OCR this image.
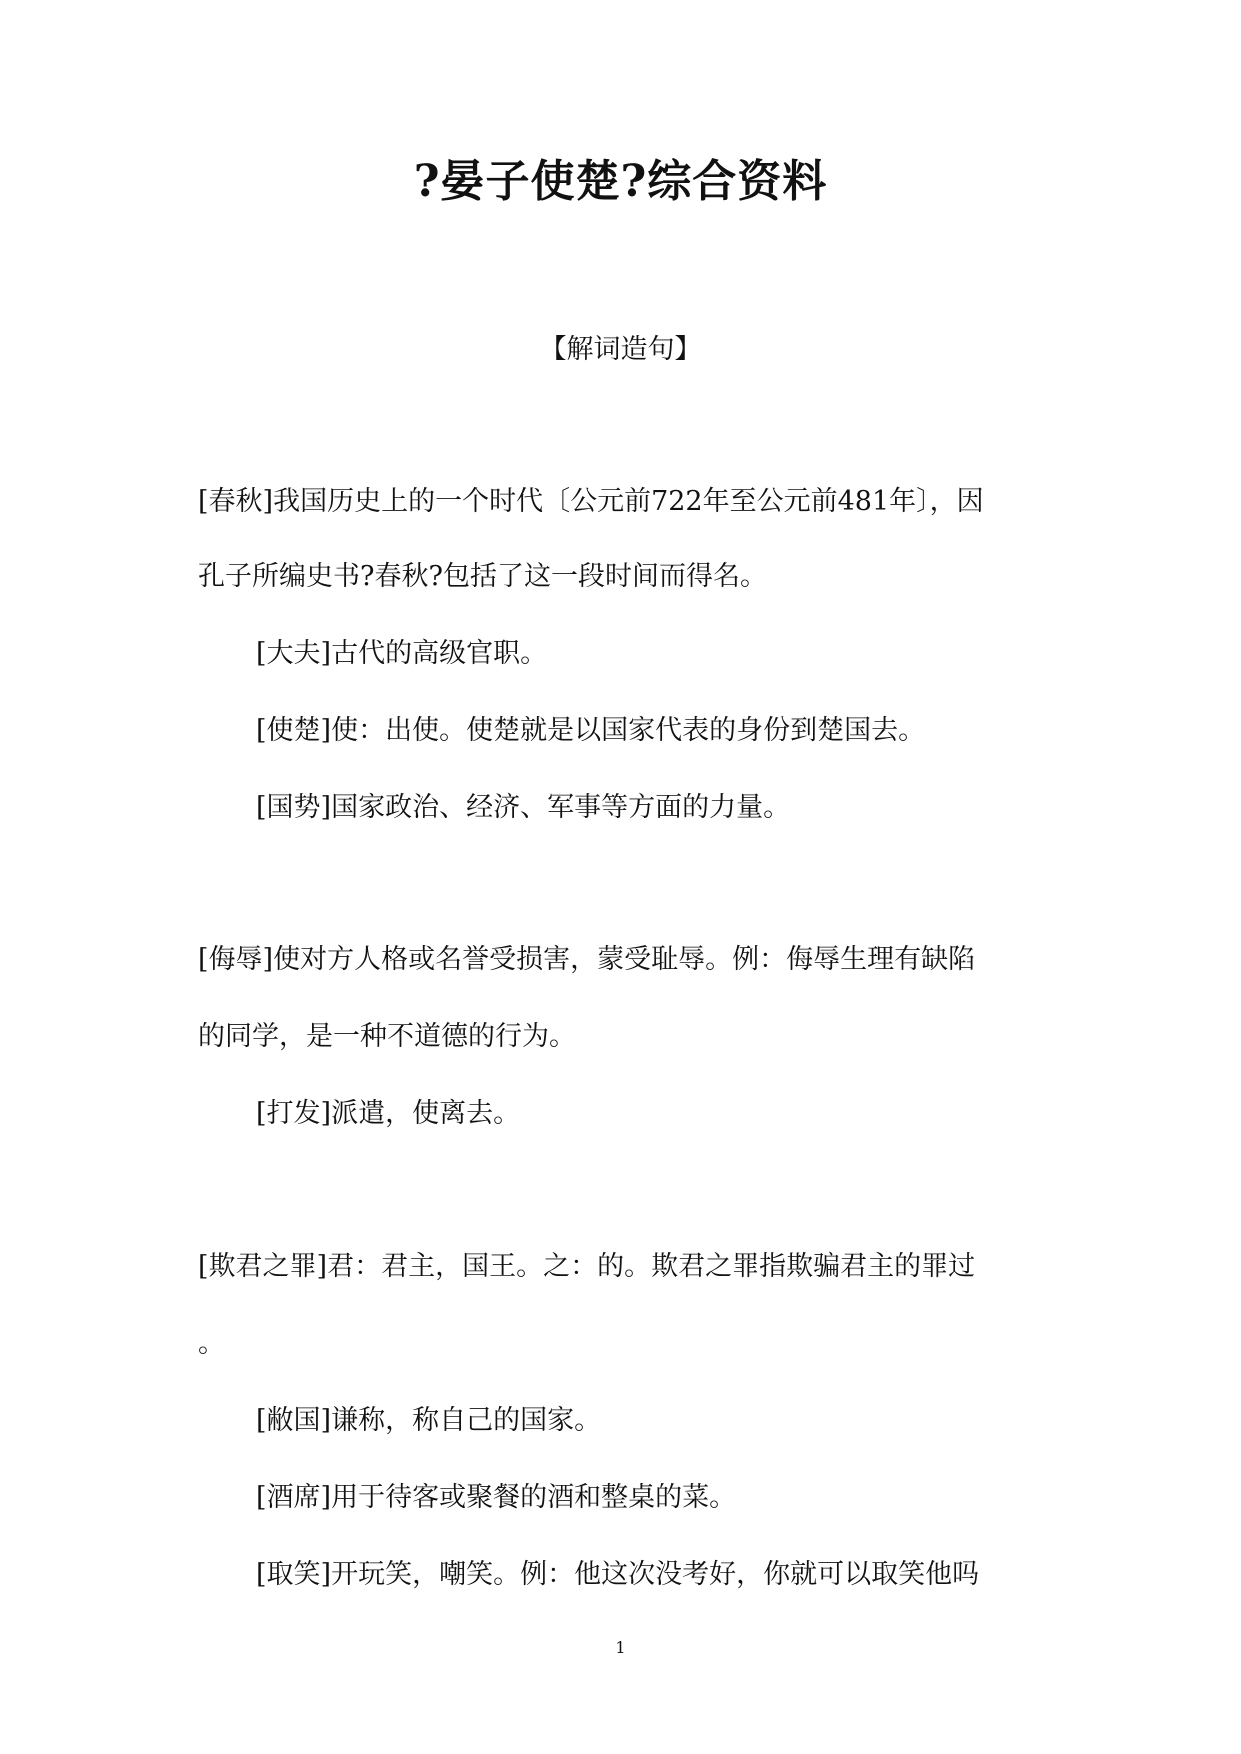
?晏子使楚?综合资料
【解词造句】
[春秋]我国历史上的一个时代〔公元前722年至公元前481年〕，因
孔子所编史书?春秋?包括了这一段时间而得名。
[大夫]古代的高级官职。
[使楚]使：出使。使楚就是以国家代表的身份到楚国去。
[国势]国家政治、经济、军事等方面的力量。
[侮辱]使对方人格或名誉受损害，蒙受耻辱。例：侮辱生理有缺陷
的同学，是一种不道德的行为。
[打发]派遣，使离去。
[欺君之罪]君：君主，国王。之：的。欺君之罪指欺骗君主的罪过
。
[敝国]谦称，称自己的国家。
[酒席]用于待客或聚餐的酒和整桌的菜。
[取笑]开玩笑，嘲笑。例：他这次没考好，你就可以取笑他吗
1
